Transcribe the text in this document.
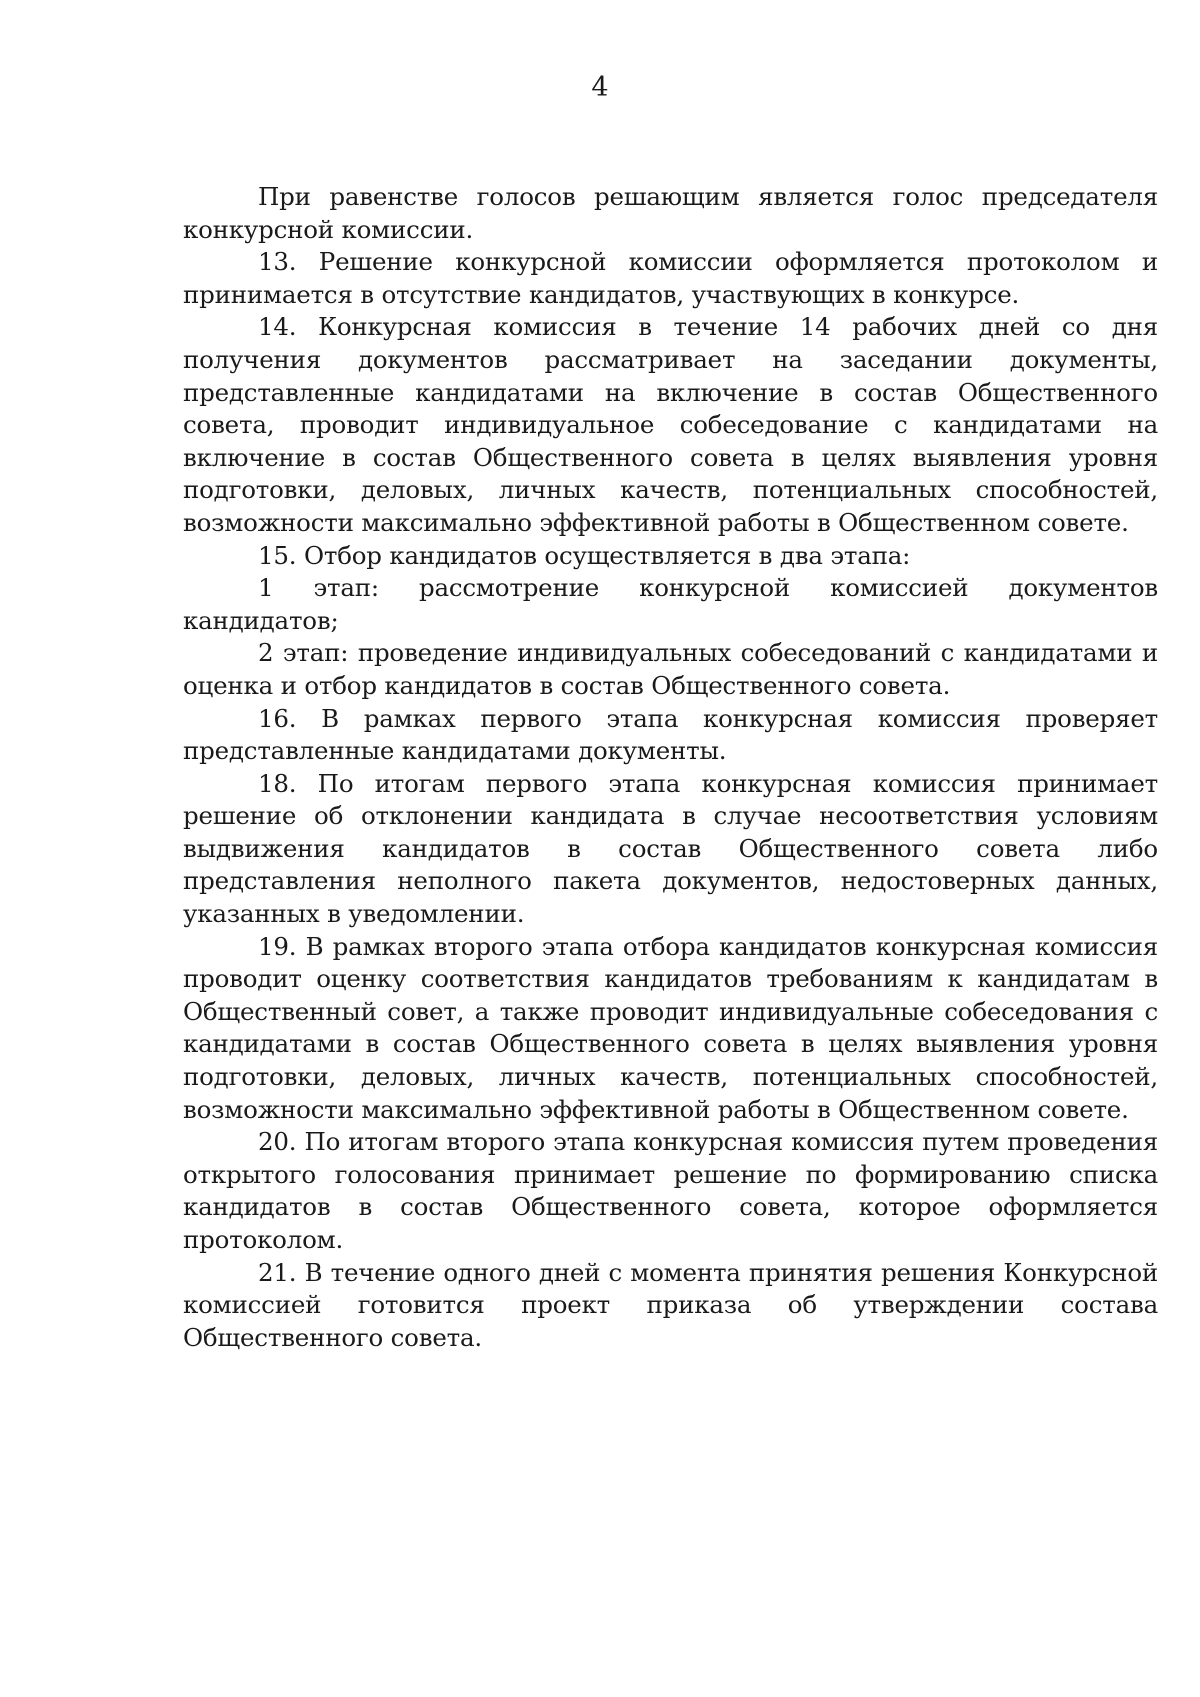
4

При равенстве голосов решающим является голос председателя конкурсной комиссии.

13. Решение конкурсной комиссии оформляется протоколом и принимается в отсутствие кандидатов, участвующих в конкурсе.

14. Конкурсная комиссия в течение 14 рабочих дней со дня получения документов рассматривает на заседании документы, представленные кандидатами на включение в состав Общественного совета, проводит индивидуальное собеседование с кандидатами на включение в состав Общественного совета в целях выявления уровня подготовки, деловых, личных качеств, потенциальных способностей, возможности максимально эффективной работы в Общественном совете.

15. Отбор кандидатов осуществляется в два этапа:

1 этап: рассмотрение конкурсной комиссией документов кандидатов;

2 этап: проведение индивидуальных собеседований с кандидатами и оценка и отбор кандидатов в состав Общественного совета.

16. В рамках первого этапа конкурсная комиссия проверяет представленные кандидатами документы.

18. По итогам первого этапа конкурсная комиссия принимает решение об отклонении кандидата в случае несоответствия условиям выдвижения кандидатов в состав Общественного совета либо представления неполного пакета документов, недостоверных данных, указанных в уведомлении.

19. В рамках второго этапа отбора кандидатов конкурсная комиссия проводит оценку соответствия кандидатов требованиям к кандидатам в Общественный совет, а также проводит индивидуальные собеседования с кандидатами в состав Общественного совета в целях выявления уровня подготовки, деловых, личных качеств, потенциальных способностей, возможности максимально эффективной работы в Общественном совете.

20. По итогам второго этапа конкурсная комиссия путем проведения открытого голосования принимает решение по формированию списка кандидатов в состав Общественного совета, которое оформляется протоколом.

21. В течение одного дней с момента принятия решения Конкурсной комиссией готовится проект приказа об утверждении состава Общественного совета.
